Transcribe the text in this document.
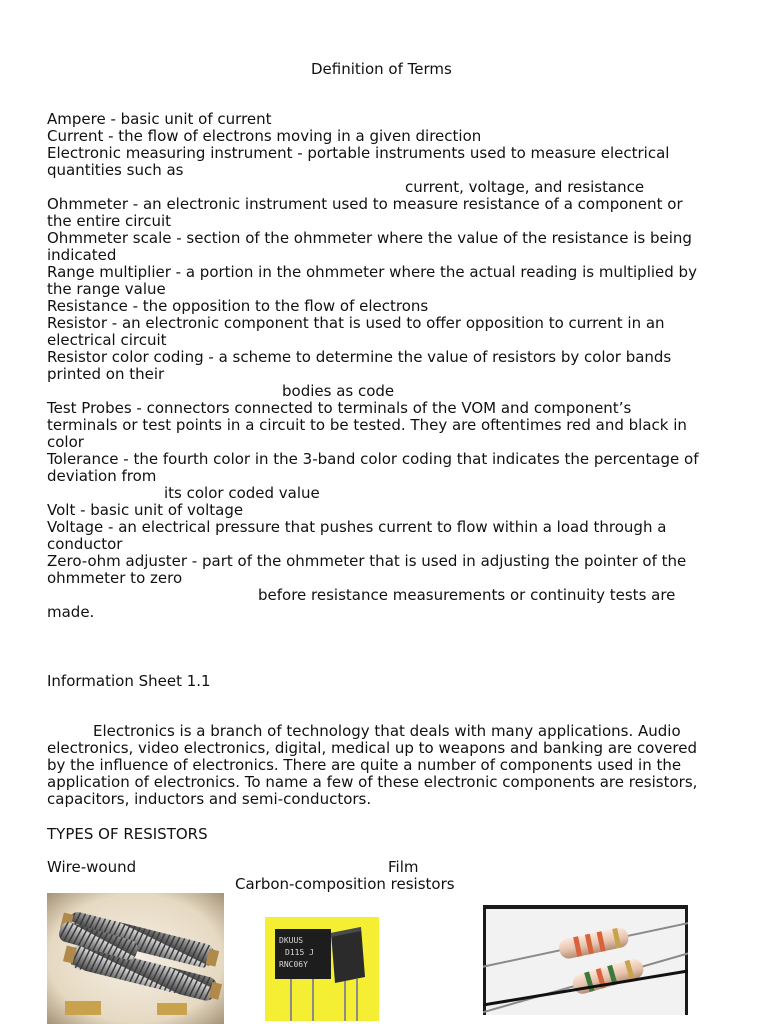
Definition of Terms
Ampere - basic unit of current
Current - the flow of electrons moving in a given direction
Electronic measuring instrument - portable instruments used to measure electrical
quantities such as
current, voltage, and resistance
Ohmmeter - an electronic instrument used to measure resistance of a component or
the entire circuit
Ohmmeter scale - section of the ohmmeter where the value of the resistance is being
indicated
Range multiplier - a portion in the ohmmeter where the actual reading is multiplied by
the range value
Resistance - the opposition to the flow of electrons
Resistor - an electronic component that is used to offer opposition to current in an
electrical circuit
Resistor color coding - a scheme to determine the value of resistors by color bands
printed on their
bodies as code
Test Probes - connectors connected to terminals of the VOM and component’s
terminals or test points in a circuit to be tested. They are oftentimes red and black in
color
Tolerance - the fourth color in the 3-band color coding that indicates the percentage of
deviation from
its color coded value
Volt - basic unit of voltage
Voltage - an electrical pressure that pushes current to flow within a load through a
conductor
Zero-ohm adjuster - part of the ohmmeter that is used in adjusting the pointer of the
ohmmeter to zero
before resistance measurements or continuity tests are
made.
Information Sheet 1.1
Electronics is a branch of technology that deals with many applications. Audio
electronics, video electronics, digital, medical up to weapons and banking are covered
by the influence of electronics. There are quite a number of components used in the
application of electronics. To name a few of these electronic components are resistors,
capacitors, inductors and semi-conductors.
TYPES OF RESISTORS
Wire-wound	Film
Carbon-composition resistors
DKUUS
D115 J
RNC06Y
